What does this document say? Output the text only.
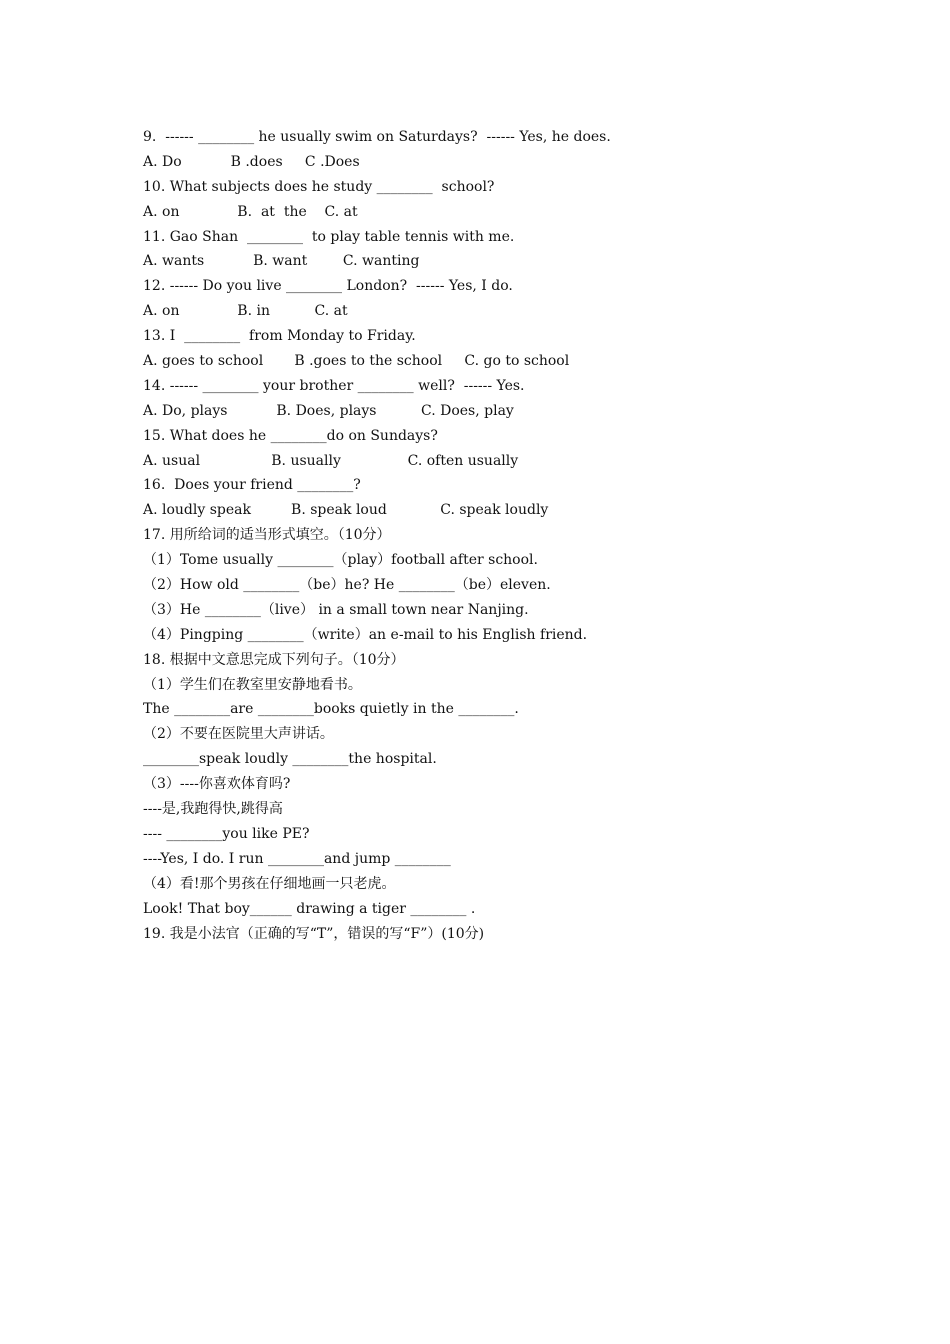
9.  ------ ________ he usually swim on Saturdays?  ------ Yes, he does.
A. Do           B .does     C .Does
10. What subjects does he study ________  school?
A. on             B.  at  the    C. at
11. Gao Shan  ________  to play table tennis with me.
A. wants           B. want        C. wanting
12. ------ Do you live ________ London?  ------ Yes, I do.
A. on             B. in          C. at
13. I  ________  from Monday to Friday.
A. goes to school       B .goes to the school     C. go to school
14. ------ ________ your brother ________ well?  ------ Yes.
A. Do, plays           B. Does, plays          C. Does, play
15. What does he ________do on Sundays?
A. usual                B. usually               C. often usually
16.  Does your friend ________?
A. loudly speak         B. speak loud            C. speak loudly
17. 用所给词的适当形式填空。（10分）
（1）Tome usually ________（play）football after school.
（2）How old ________（be）he? He ________（be）eleven.
（3）He ________（live） in a small town near Nanjing.
（4）Pingping ________（write）an e-mail to his English friend.
18. 根据中文意思完成下列句子。（10分）
（1）学生们在教室里安静地看书。
The ________are ________books quietly in the ________.
（2）不要在医院里大声讲话。
________speak loudly ________the hospital.
（3）----你喜欢体育吗?
----是,我跑得快,跳得高
---- ________you like PE?
----Yes, I do. I run ________and jump ________
（4）看!那个男孩在仔细地画一只老虎。
Look! That boy______ drawing a tiger ________ .
19. 我是小法官（正确的写“T”，错误的写“F”）(10分)
